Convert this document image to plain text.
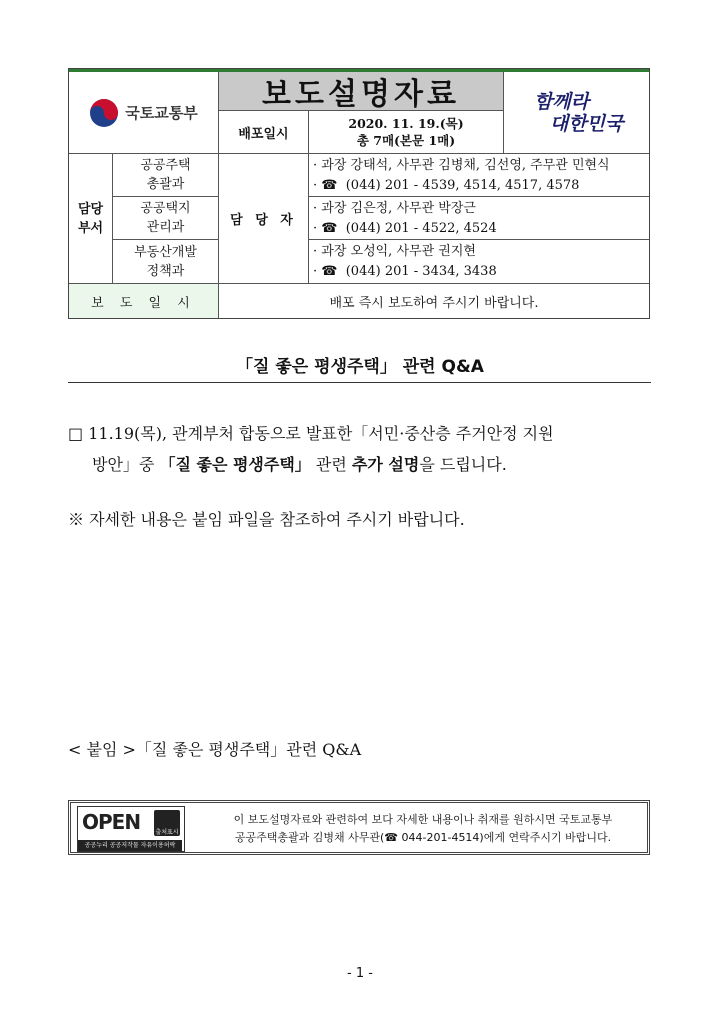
국토교통부
보도설명자료
배포일시
2020. 11. 19.(목)
총 7매(본문 1매)
함께라
대한민국
담당
부서
공공주택
총괄과
공공택지
관리과
부동산개발
정책과
담 당 자
· 과장 강태석, 사무관 김병채, 김선영, 주무관 민현식
· ☎ (044) 201 - 4539, 4514, 4517, 4578
· 과장 김은정, 사무관 박장근
· ☎ (044) 201 - 4522, 4524
· 과장 오성익, 사무관 권지현
· ☎ (044) 201 - 3434, 3438
보 도 일 시	배포 즉시 보도하여 주시기 바랍니다.
「질 좋은 평생주택」 관련 Q&A
□ 11.19(목), 관계부처 합동으로 발표한「서민·중산층 주거안정 지원
방안」중 「질 좋은 평생주택」 관련 추가 설명을 드립니다.
※ 자세한 내용은 붙임 파일을 참조하여 주시기 바랍니다.
< 붙임 >「질 좋은 평생주택」관련 Q&A
OPEN	출처표시
공공누리 공공저작물 자유이용허락
이 보도설명자료와 관련하여 보다 자세한 내용이나 취재를 원하시면 국토교통부
공공주택총괄과 김병채 사무관(☎ 044-201-4514)에게 연락주시기 바랍니다.
- 1 -
